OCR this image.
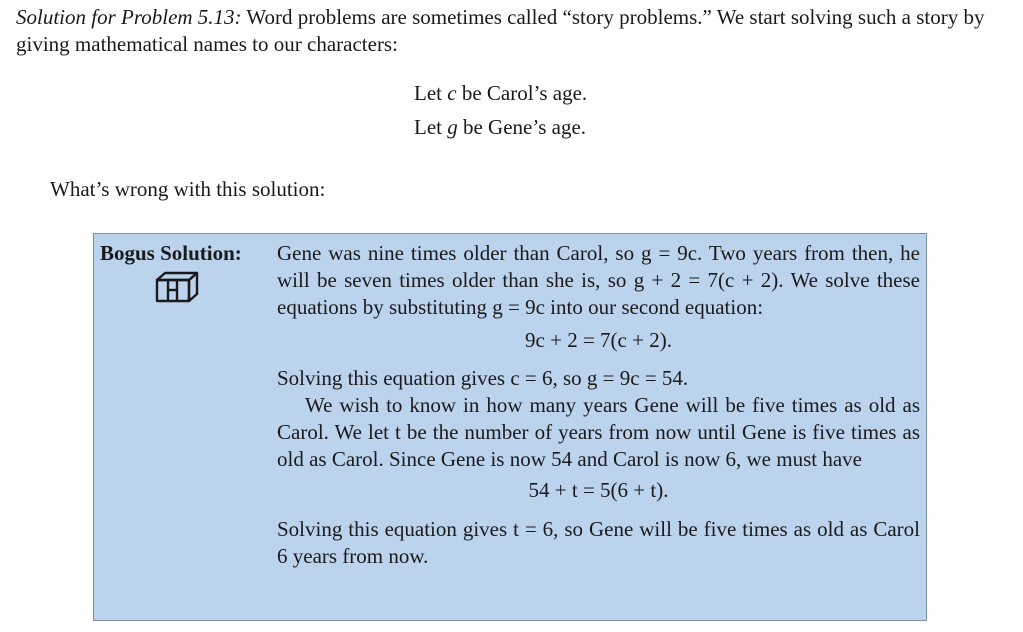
Solution for Problem 5.13: Word problems are sometimes called “story problems.” We start solving such a story by giving mathematical names to our characters:

Let c be Carol’s age.
Let g be Gene’s age.
What’s wrong with this solution:
Bogus Solution: Gene was nine times older than Carol, so g = 9c. Two years from then, he will be seven times older than she is, so g + 2 = 7(c + 2). We solve these equations by substituting g = 9c into our second equation:

9c + 2 = 7(c + 2).

Solving this equation gives c = 6, so g = 9c = 54.

We wish to know in how many years Gene will be five times as old as Carol. We let t be the number of years from now until Gene is five times as old as Carol. Since Gene is now 54 and Carol is now 6, we must have

54 + t = 5(6 + t).

Solving this equation gives t = 6, so Gene will be five times as old as Carol 6 years from now.
